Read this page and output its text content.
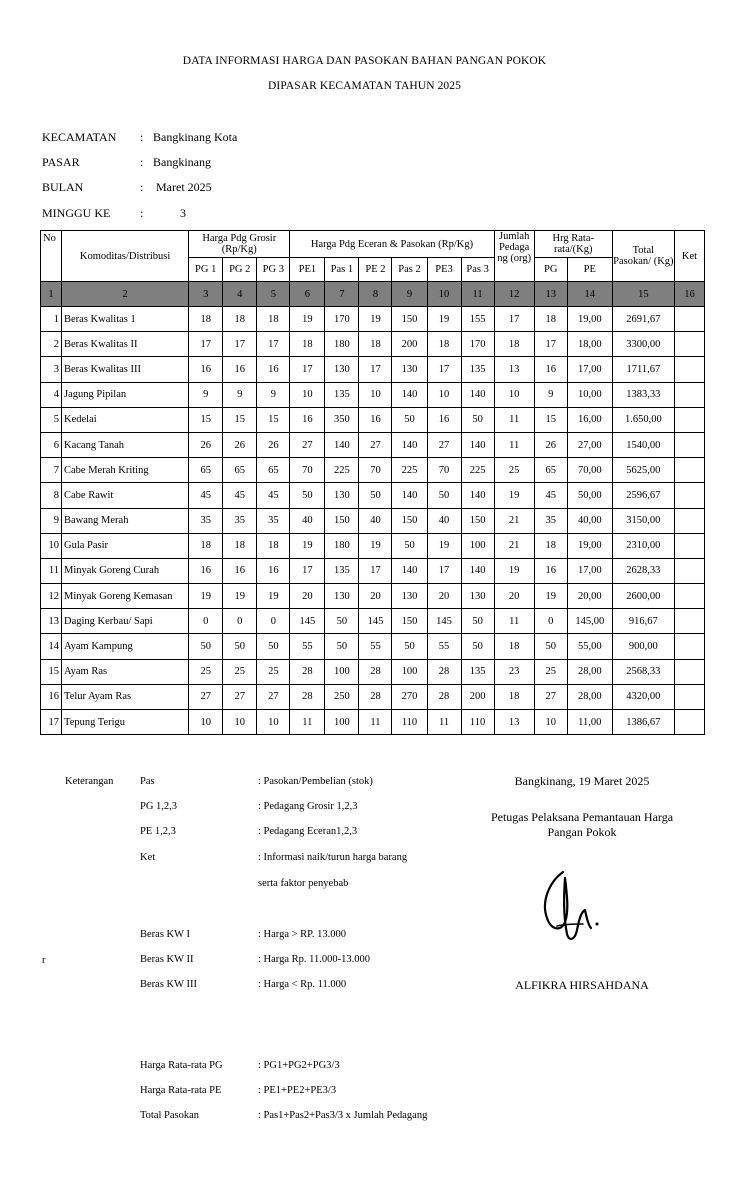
DATA INFORMASI HARGA DAN PASOKAN BAHAN PANGAN POKOK
DIPASAR KECAMATAN TAHUN 2025
KECAMATAN : Bangkinang Kota
PASAR	: Bangkinang
BULAN	: Maret 2025
MINGGU KE :	3
No	Komoditas/Distribusi	Harga Pdg Grosir (Rp/Kg)			Harga Pdg Eceran & Pasokan (Rp/Kg)						Jumlah Pedaga ng (org)	Hrg Rata-rata/(Kg)		Total Pasokan/ (Kg)	Ket
		PG 1	PG 2	PG 3	PE1	Pas 1	PE 2	Pas 2	PE3	Pas 3		PG	PE		
1	2	3	4	5	6	7	8	9	10	11	12	13	14	15	16
1	Beras Kwalitas 1	18	18	18	19	170	19	150	19	155	17	18	19,00	2691,67	
2	Beras Kwalitas II	17	17	17	18	180	18	200	18	170	18	17	18,00	3300,00	
3	Beras Kwalitas III	16	16	16	17	130	17	130	17	135	13	16	17,00	1711,67	
4	Jagung Pipilan	9	9	9	10	135	10	140	10	140	10	9	10,00	1383,33	
5	Kedelai	15	15	15	16	350	16	50	16	50	11	15	16,00	1.650,00	
6	Kacang Tanah	26	26	26	27	140	27	140	27	140	11	26	27,00	1540,00	
7	Cabe Merah Kriting	65	65	65	70	225	70	225	70	225	25	65	70,00	5625,00	
8	Cabe Rawit	45	45	45	50	130	50	140	50	140	19	45	50,00	2596,67	
9	Bawang Merah	35	35	35	40	150	40	150	40	150	21	35	40,00	3150,00	
10	Gula Pasir	18	18	18	19	180	19	50	19	100	21	18	19,00	2310,00	
11	Minyak Goreng Curah	16	16	16	17	135	17	140	17	140	19	16	17,00	2628,33	
12	Minyak Goreng Kemasan	19	19	19	20	130	20	130	20	130	20	19	20,00	2600,00	
13	Daging Kerbau/ Sapi	0	0	0	145	50	145	150	145	50	11	0	145,00	916,67	
14	Ayam Kampung	50	50	50	55	50	55	50	55	50	18	50	55,00	900,00	
15	Ayam Ras	25	25	25	28	100	28	100	28	135	23	25	28,00	2568,33	
16	Telur Ayam Ras	27	27	27	28	250	28	270	28	200	18	27	28,00	4320,00	
17	Tepung Terigu	10	10	10	11	100	11	110	11	110	13	10	11,00	1386,67	
Keterangan
r
Pas	: Pasokan/Pembelian (stok)
PG 1,2,3	: Pedagang Grosir 1,2,3
PE 1,2,3	: Pedagang Eceran1,2,3
Ket	: Informasi naik/turun harga barang
serta faktor penyebab
Beras KW I	: Harga > RP. 13.000
Beras KW II	: Harga Rp. 11.000-13.000
Beras KW III	: Harga < Rp. 11.000
Harga Rata-rata PG	: PG1+PG2+PG3/3
Harga Rata-rata PE	: PE1+PE2+PE3/3
Total Pasokan	: Pas1+Pas2+Pas3/3 x Jumlah Pedagang
Bangkinang, 19 Maret 2025
Petugas Pelaksana Pemantauan Harga
Pangan Pokok
ALFIKRA HIRSAHDANA
